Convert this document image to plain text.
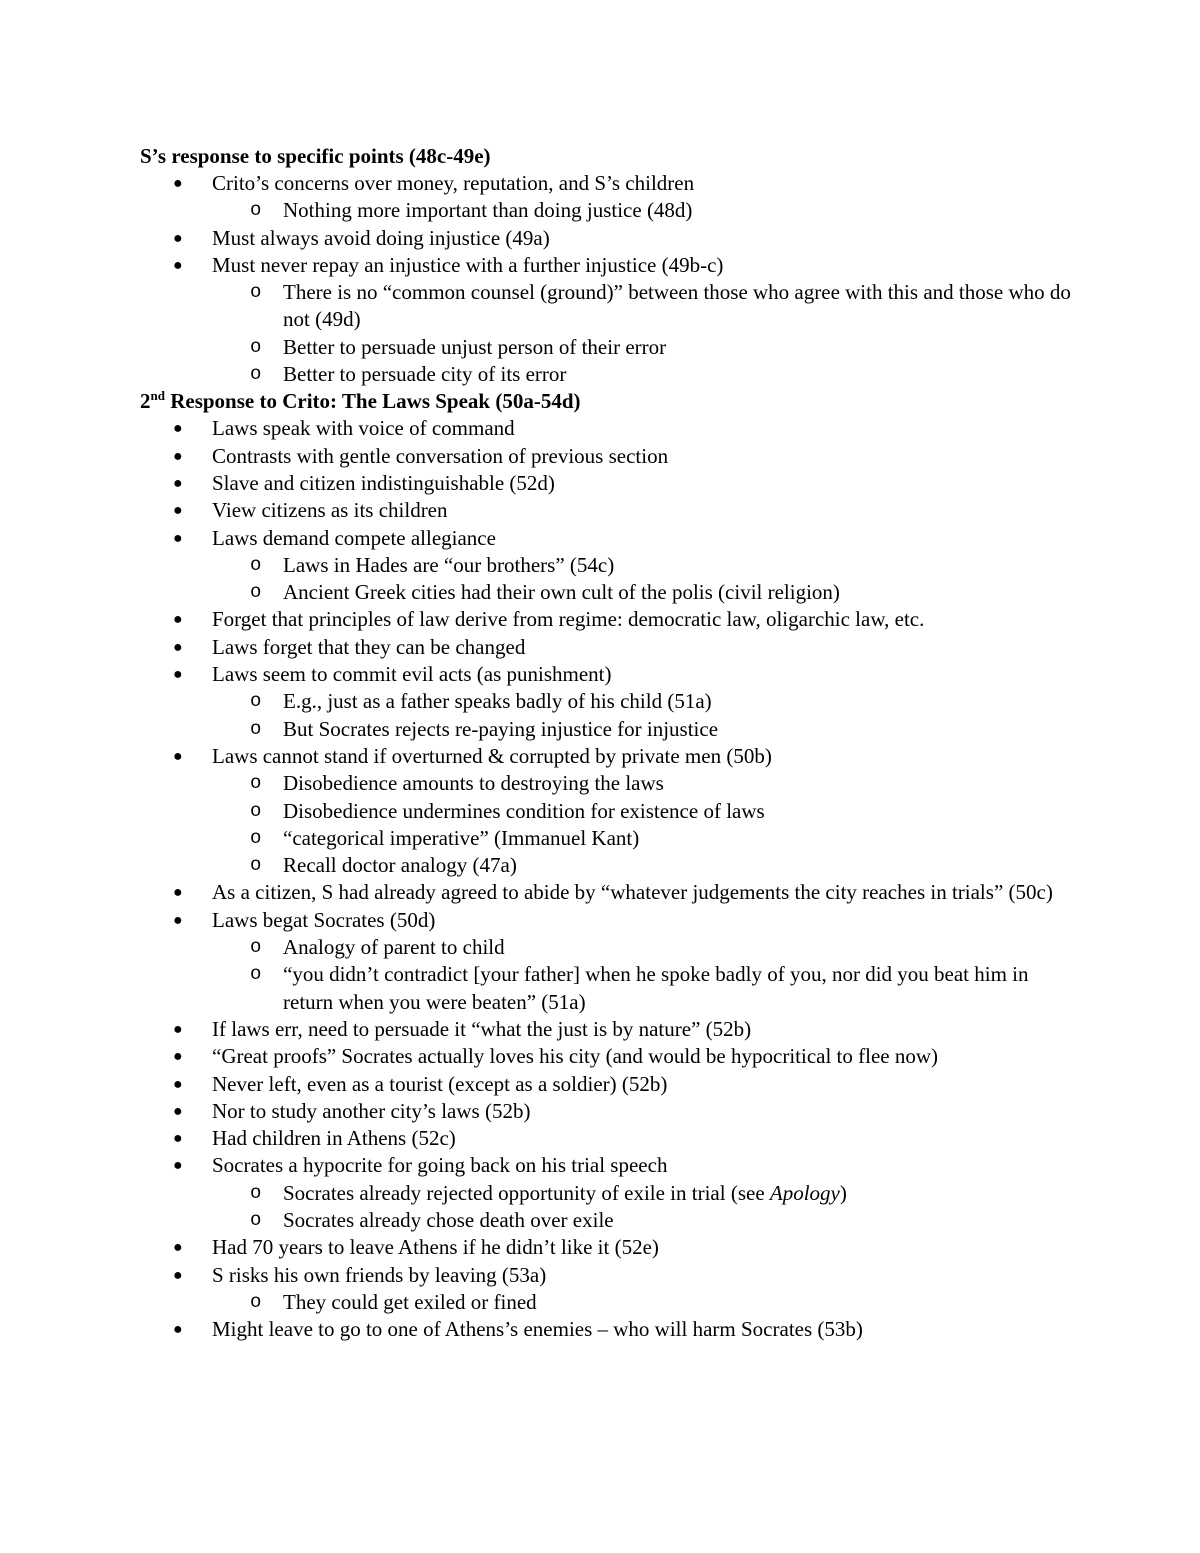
S’s response to specific points (48c-49e)
● Crito’s concerns over money, reputation, and S’s children
o Nothing more important than doing justice (48d)
● Must always avoid doing injustice (49a)
● Must never repay an injustice with a further injustice (49b-c)
o There is no “common counsel (ground)” between those who agree with this and those who do not (49d)
o Better to persuade unjust person of their error
o Better to persuade city of its error
2nd Response to Crito: The Laws Speak (50a-54d)
● Laws speak with voice of command
● Contrasts with gentle conversation of previous section
● Slave and citizen indistinguishable (52d)
● View citizens as its children
● Laws demand compete allegiance
o Laws in Hades are “our brothers” (54c)
o Ancient Greek cities had their own cult of the polis (civil religion)
● Forget that principles of law derive from regime: democratic law, oligarchic law, etc.
● Laws forget that they can be changed
● Laws seem to commit evil acts (as punishment)
o E.g., just as a father speaks badly of his child (51a)
o But Socrates rejects re-paying injustice for injustice
● Laws cannot stand if overturned & corrupted by private men (50b)
o Disobedience amounts to destroying the laws
o Disobedience undermines condition for existence of laws
o “categorical imperative” (Immanuel Kant)
o Recall doctor analogy (47a)
● As a citizen, S had already agreed to abide by “whatever judgements the city reaches in trials” (50c)
● Laws begat Socrates (50d)
o Analogy of parent to child
o “you didn’t contradict [your father] when he spoke badly of you, nor did you beat him in return when you were beaten” (51a)
● If laws err, need to persuade it “what the just is by nature” (52b)
● “Great proofs” Socrates actually loves his city (and would be hypocritical to flee now)
● Never left, even as a tourist (except as a soldier) (52b)
● Nor to study another city’s laws (52b)
● Had children in Athens (52c)
● Socrates a hypocrite for going back on his trial speech
o Socrates already rejected opportunity of exile in trial (see Apology)
o Socrates already chose death over exile
● Had 70 years to leave Athens if he didn’t like it (52e)
● S risks his own friends by leaving (53a)
o They could get exiled or fined
● Might leave to go to one of Athens’s enemies – who will harm Socrates (53b)
